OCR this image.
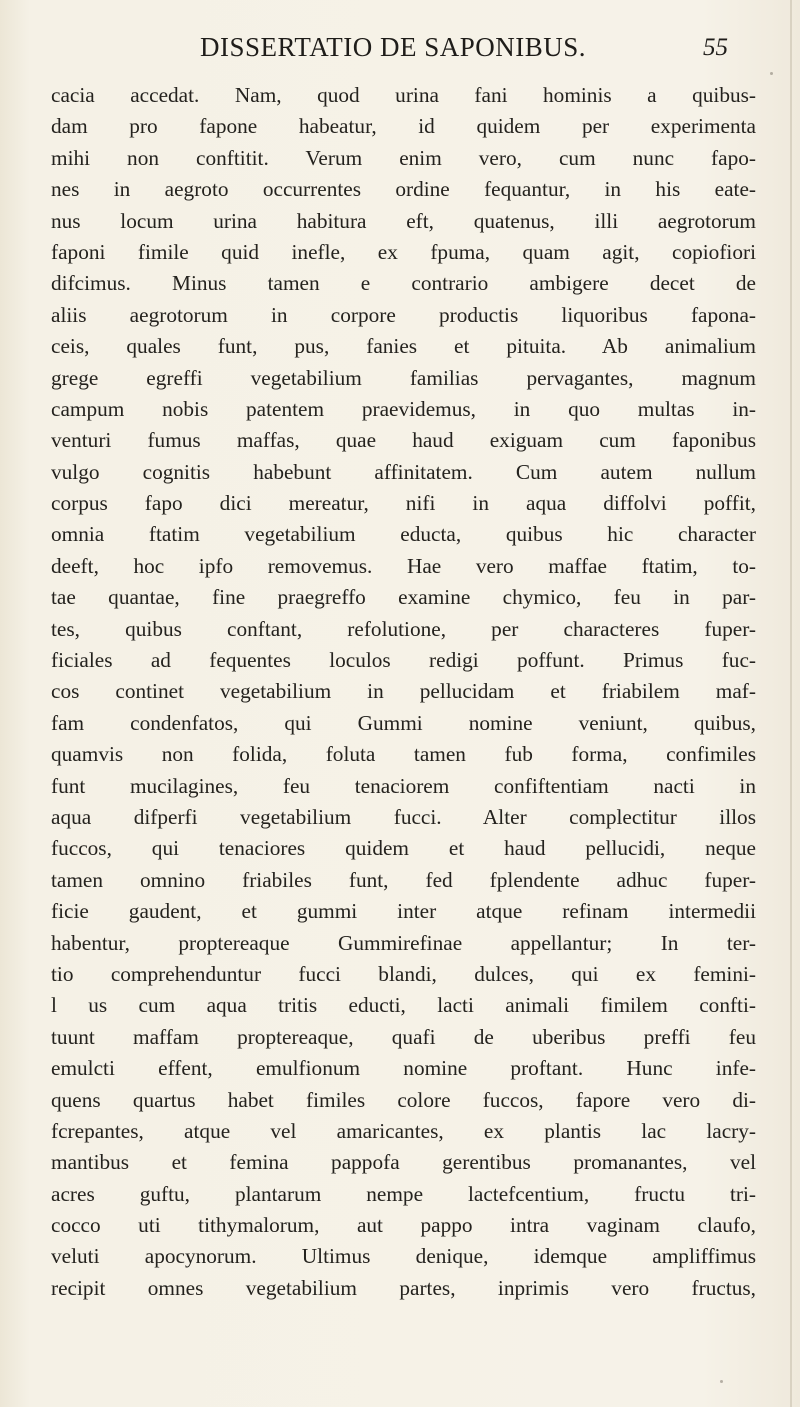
DISSERTATIO DE SAPONIBUS.	55
cacia accedat. Nam, quod urina fani hominis a quibus-
dam pro fapone habeatur, id quidem per experimenta
mihi non conftitit. Verum enim vero, cum nunc fapo-
nes in aegroto occurrentes ordine fequantur, in his eate-
nus locum urina habitura eft, quatenus, illi aegrotorum
faponi fimile quid inefle, ex fpuma, quam agit, copiofiori
difcimus. Minus tamen e contrario ambigere decet de
aliis aegrotorum in corpore productis liquoribus fapona-
ceis, quales funt, pus, fanies et pituita. Ab animalium
grege egreffi vegetabilium familias pervagantes, magnum
campum nobis patentem praevidemus, in quo multas in-
venturi fumus maffas, quae haud exiguam cum faponibus
vulgo cognitis habebunt affinitatem. Cum autem nullum
corpus fapo dici mereatur, nifi in aqua diffolvi poffit,
omnia ftatim vegetabilium educta, quibus hic character
deeft, hoc ipfo removemus. Hae vero maffae ftatim, to-
tae quantae, fine praegreffo examine chymico, feu in par-
tes, quibus conftant, refolutione, per characteres fuper-
ficiales ad fequentes loculos redigi poffunt. Primus fuc-
cos continet vegetabilium in pellucidam et friabilem maf-
fam condenfatos, qui Gummi nomine veniunt, quibus,
quamvis non folida, foluta tamen fub forma, confimiles
funt mucilagines, feu tenaciorem confiftentiam nacti in
aqua difperfi vegetabilium fucci. Alter complectitur illos
fuccos, qui tenaciores quidem et haud pellucidi, neque
tamen omnino friabiles funt, fed fplendente adhuc fuper-
ficie gaudent, et gummi inter atque refinam intermedii
habentur, proptereaque Gummirefinae appellantur; In ter-
tio comprehenduntur fucci blandi, dulces, qui ex femini-
l us cum aqua tritis educti, lacti animali fimilem confti-
tuunt maffam proptereaque, quafi de uberibus preffi feu
emulcti effent, emulfionum nomine proftant. Hunc infe-
quens quartus habet fimiles colore fuccos, fapore vero di-
fcrepantes, atque vel amaricantes, ex plantis lac lacry-
mantibus et femina pappofa gerentibus promanantes, vel
acres guftu, plantarum nempe lactefcentium, fructu tri-
cocco uti tithymalorum, aut pappo intra vaginam claufo,
veluti apocynorum. Ultimus denique, idemque ampliffimus
recipit omnes vegetabilium partes, inprimis vero fructus,
